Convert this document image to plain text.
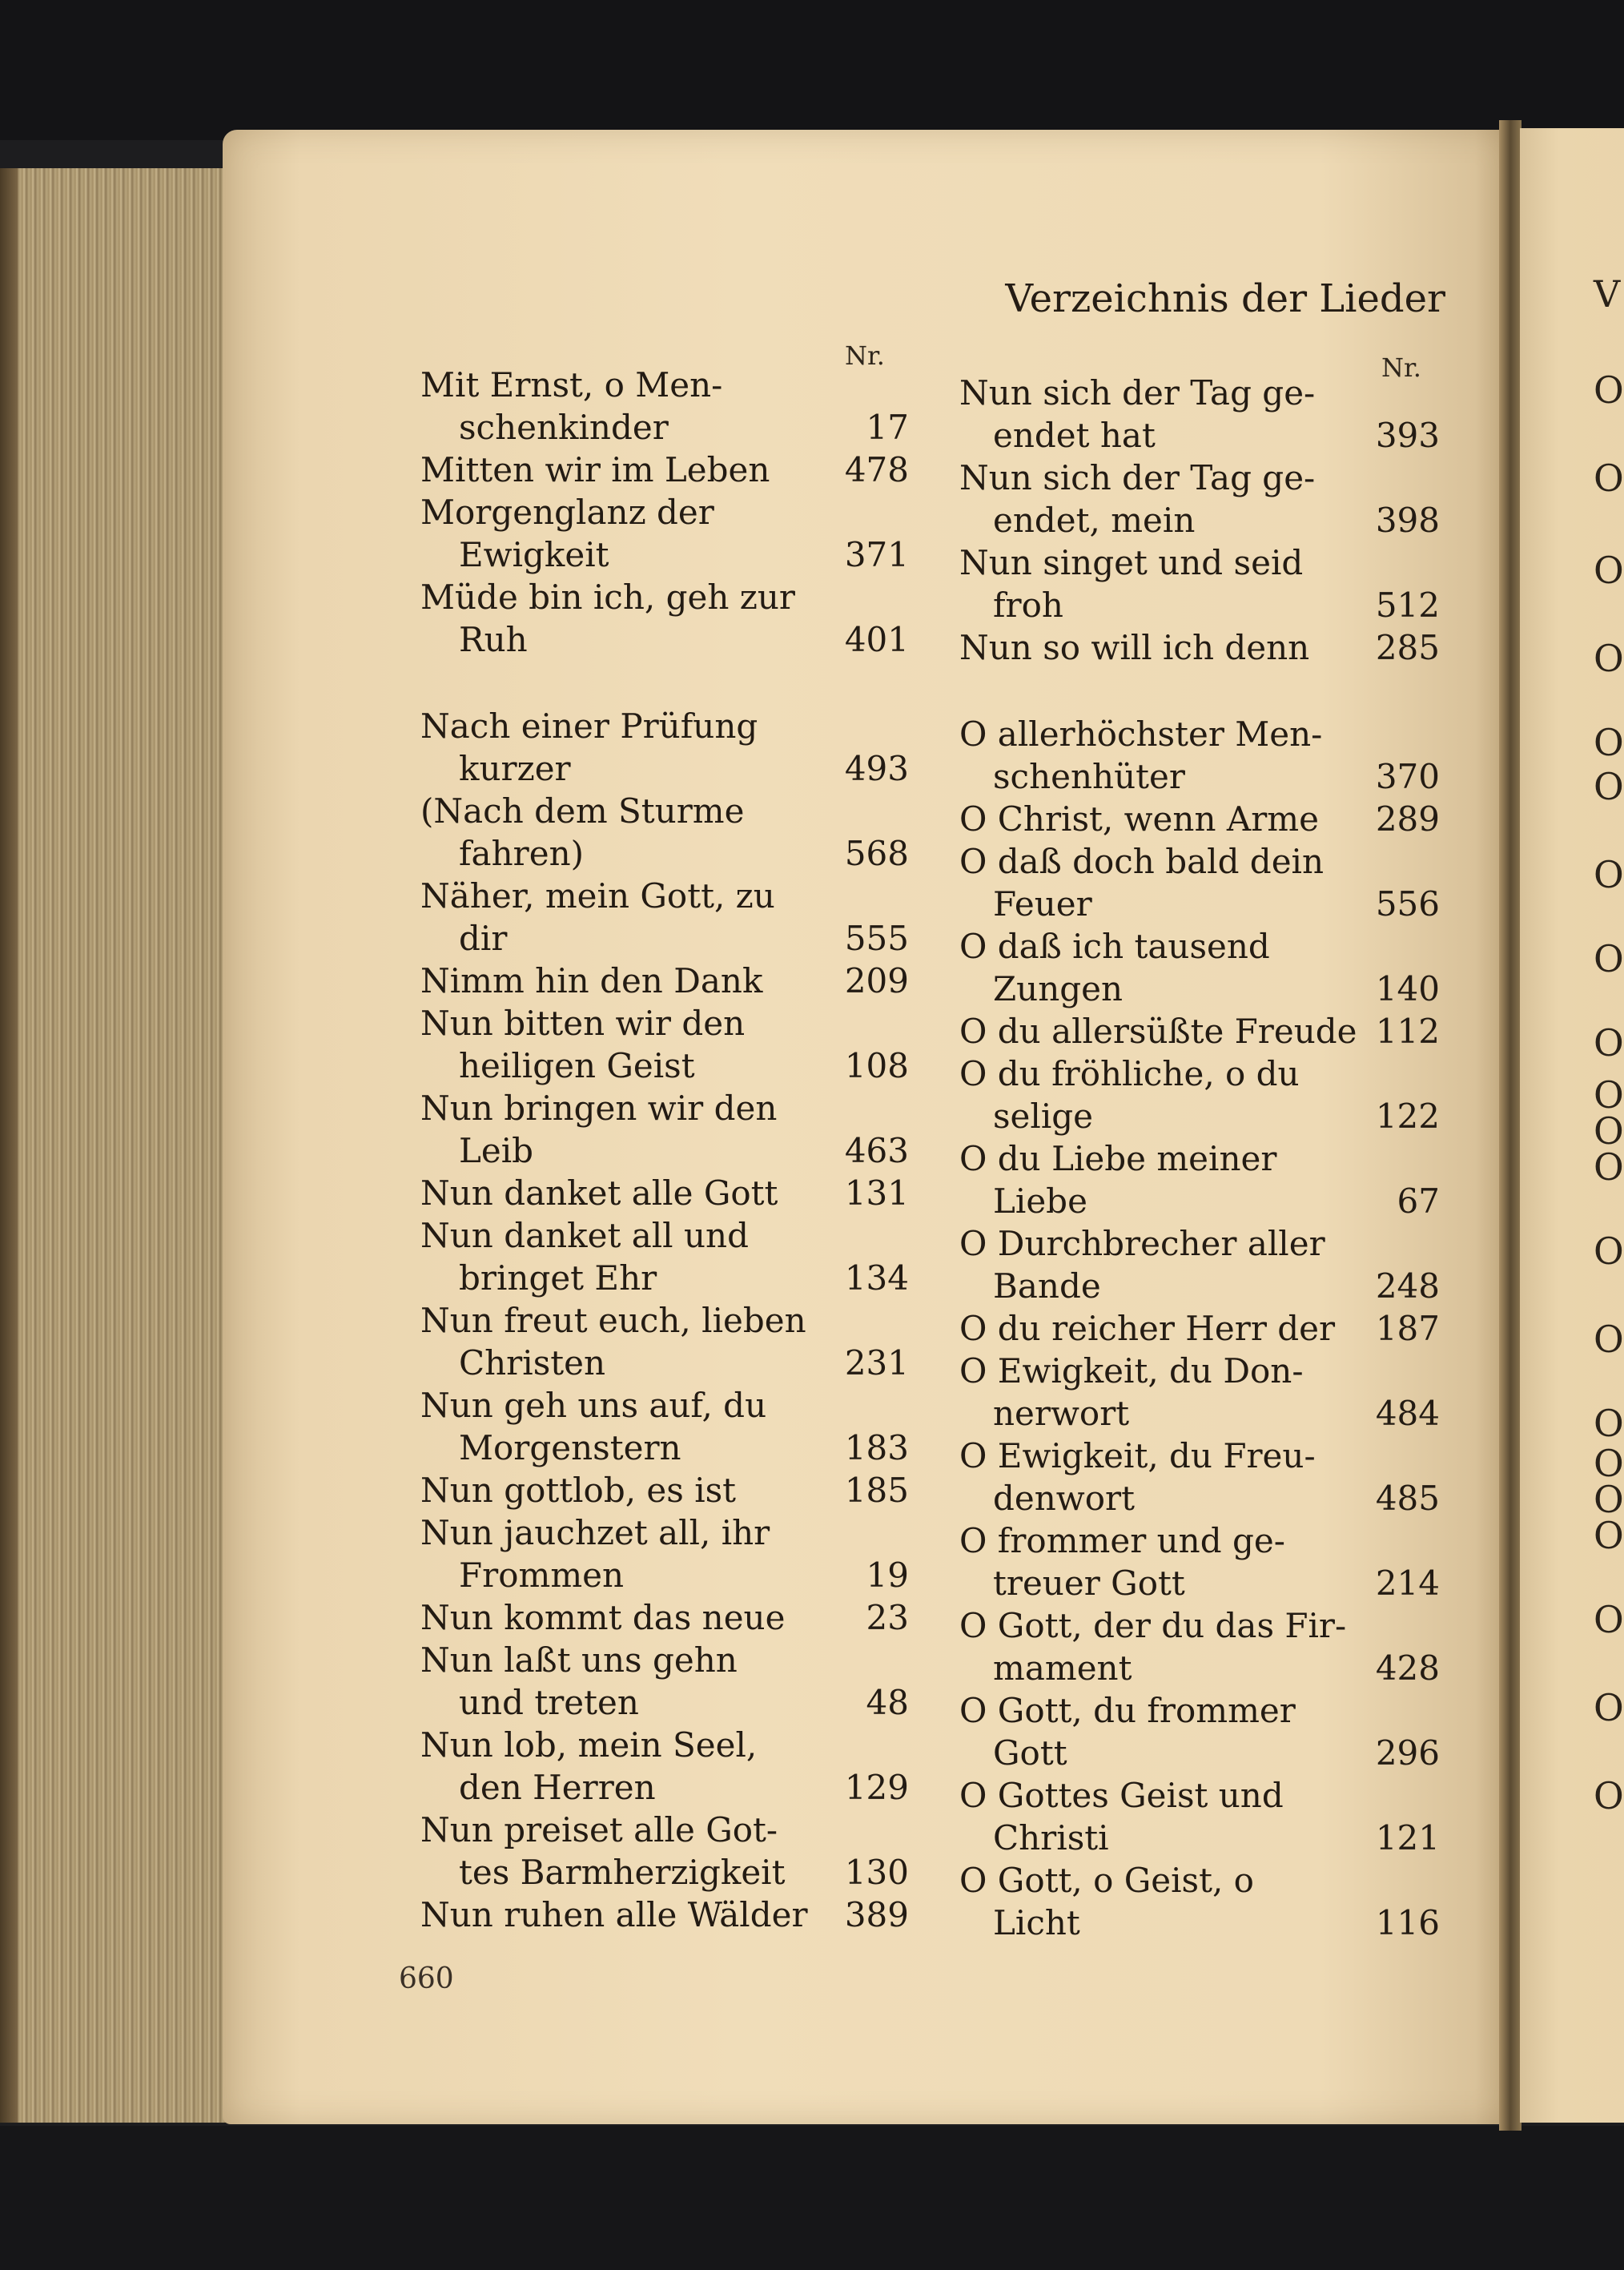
V
O
O
O
O
O
O
O
O
O
O
O
O
O
O
O
O
O
O
O
O
O
Verzeichnis der Lieder
Nr.	Nr.
Mit Ernst, o Men-
schenkinder	17
Mitten wir im Leben 478
Morgenglanz der
Ewigkeit	371
Müde bin ich, geh zur
Ruh	401
Nach einer Prüfung
kurzer	493
(Nach dem Sturme
fahren)	568
Näher, mein Gott, zu
dir	555
Nimm hin den Dank 209
Nun bitten wir den
heiligen Geist	108
Nun bringen wir den
Leib	463
Nun danket alle Gott 131
Nun danket all und
bringet Ehr	134
Nun freut euch, lieben
Christen	231
Nun geh uns auf, du
Morgenstern	183
Nun gottlob, es ist	185
Nun jauchzet all, ihr
Frommen	19
Nun kommt das neue 23
Nun laßt uns gehn
und treten	48
Nun lob, mein Seel,
den Herren	129
Nun preiset alle Got-
tes Barmherzigkeit 130
Nun ruhen alle Wälder 389
Nun sich der Tag ge-
endet hat	393
Nun sich der Tag ge-
endet, mein	398
Nun singet und seid
froh	512
Nun so will ich denn 285
O allerhöchster Men-
schenhüter	370
O Christ, wenn Arme 289
O daß doch bald dein
Feuer	556
O daß ich tausend
Zungen	140
O du allersüßte Freude 112
O du fröhliche, o du
selige	122
O du Liebe meiner
Liebe	67
O Durchbrecher aller
Bande	248
O du reicher Herr der 187
O Ewigkeit, du Don-
nerwort	484
O Ewigkeit, du Freu-
denwort	485
O frommer und ge-
treuer Gott	214
O Gott, der du das Fir-
mament	428
O Gott, du frommer
Gott	296
O Gottes Geist und
Christi	121
O Gott, o Geist, o
Licht	116
660
